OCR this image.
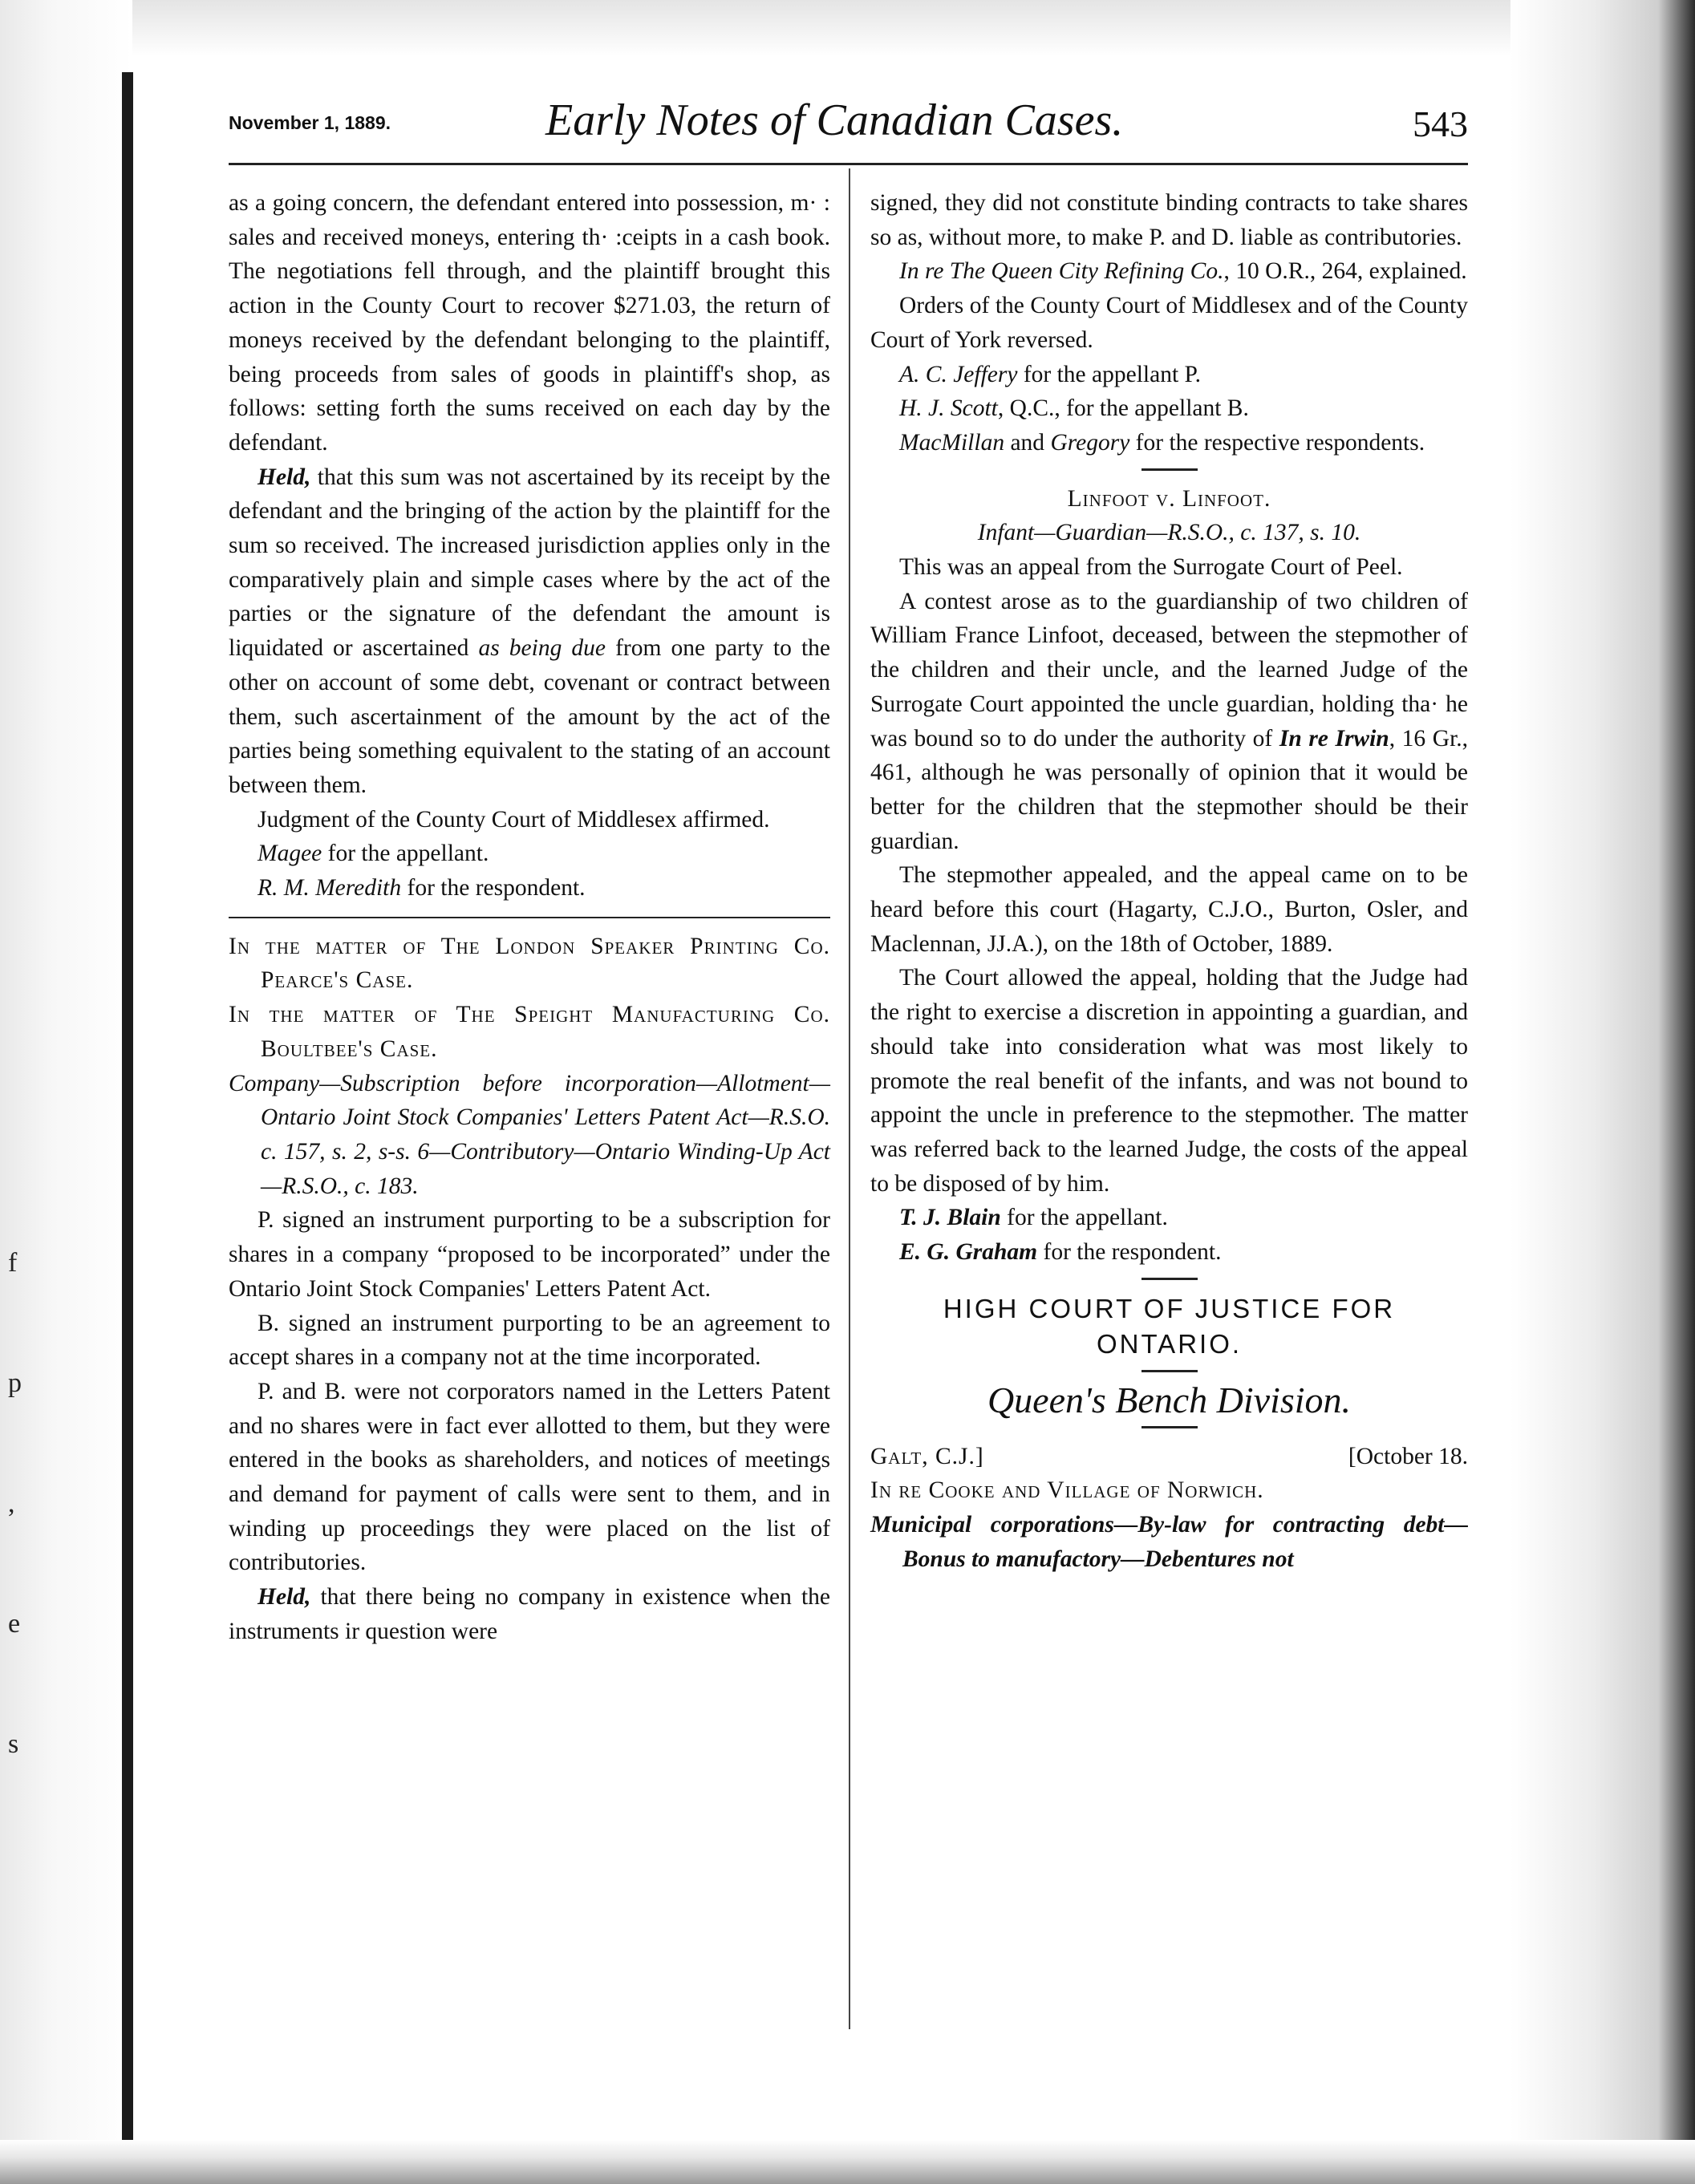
f
p
,
e
s
November 1, 1889.	Early Notes of Canadian Cases.	543

as a going concern, the defendant entered into possession, m· : sales and received moneys, entering th· :ceipts in a cash book. The negotiations fell through, and the plaintiff brought this action in the County Court to recover $271.03, the return of moneys received by the defendant belonging to the plaintiff, being proceeds from sales of goods in plaintiff's shop, as follows: setting forth the sums received on each day by the defendant.

Held, that this sum was not ascertained by its receipt by the defendant and the bringing of the action by the plaintiff for the sum so received. The increased jurisdiction applies only in the comparatively plain and simple cases where by the act of the parties or the signature of the defendant the amount is liquidated or ascertained as being due from one party to the other on account of some debt, covenant or contract between them, such ascertainment of the amount by the act of the parties being something equivalent to the stating of an account between them.

Judgment of the County Court of Middlesex affirmed.

Magee for the appellant.

R. M. Meredith for the respondent.

In the matter of The London Speaker Printing Co. Pearce's Case.

In the matter of The Speight Manufacturing Co. Boultbee's Case.

Company—Subscription before incorporation—Allotment—Ontario Joint Stock Companies' Letters Patent Act—R.S.O. c. 157, s. 2, s-s. 6—Contributory—Ontario Winding-Up Act—R.S.O., c. 183.

P. signed an instrument purporting to be a subscription for shares in a company “proposed to be incorporated” under the Ontario Joint Stock Companies' Letters Patent Act.

B. signed an instrument purporting to be an agreement to accept shares in a company not at the time incorporated.

P. and B. were not corporators named in the Letters Patent and no shares were in fact ever allotted to them, but they were entered in the books as shareholders, and notices of meetings and demand for payment of calls were sent to them, and in winding up proceedings they were placed on the list of contributories.

Held, that there being no company in existence when the instruments ir question were

signed, they did not constitute binding contracts to take shares so as, without more, to make P. and D. liable as contributories.

In re The Queen City Refining Co., 10 O.R., 264, explained.

Orders of the County Court of Middlesex and of the County Court of York reversed.

A. C. Jeffery for the appellant P.

H. J. Scott, Q.C., for the appellant B.

MacMillan and Gregory for the respective respondents.

Linfoot v. Linfoot.

Infant—Guardian—R.S.O., c. 137, s. 10.

This was an appeal from the Surrogate Court of Peel.

A contest arose as to the guardianship of two children of William France Linfoot, deceased, between the stepmother of the children and their uncle, and the learned Judge of the Surrogate Court appointed the uncle guardian, holding tha· he was bound so to do under the authority of In re Irwin, 16 Gr., 461, although he was personally of opinion that it would be better for the children that the stepmother should be their guardian.

The stepmother appealed, and the appeal came on to be heard before this court (Hagarty, C.J.O., Burton, Osler, and Maclennan, JJ.A.), on the 18th of October, 1889.

The Court allowed the appeal, holding that the Judge had the right to exercise a discretion in appointing a guardian, and should take into consideration what was most likely to promote the real benefit of the infants, and was not bound to appoint the uncle in preference to the stepmother. The matter was referred back to the learned Judge, the costs of the appeal to be disposed of by him.

T. J. Blain for the appellant.

E. G. Graham for the respondent.

HIGH COURT OF JUSTICE FOR ONTARIO.

Queen's Bench Division.

Galt, C.J.]	[October 18.

In re Cooke and Village of Norwich.

Municipal corporations—By-law for contracting debt—Bonus to manufactory—Debentures not
